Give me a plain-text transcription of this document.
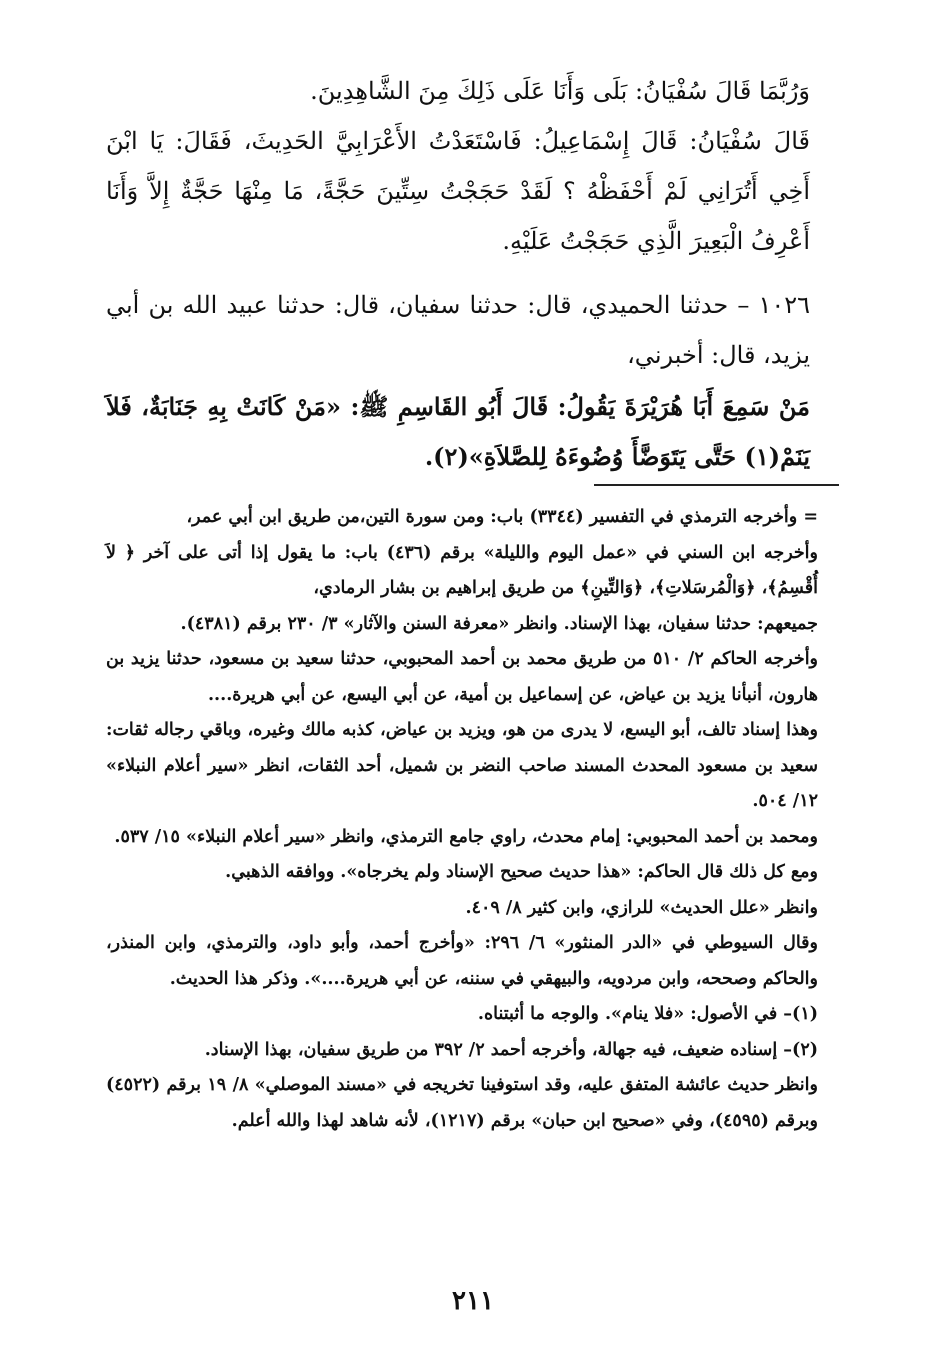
وَرُبَّمَا قَالَ سُفْيَانُ: بَلَى وَأَنَا عَلَى ذَلِكَ مِنَ الشَّاهِدِينَ.

قَالَ سُفْيَانُ: قَالَ إِسْمَاعِيلُ: فَاسْتَعَدْتُ الأَعْرَابِيَّ الحَدِيثَ، فَقَالَ: يَا ابْنَ أَخِي أَتُرَانِي لَمْ أَحْفَظْهُ ؟ لَقَدْ حَجَجْتُ سِتِّينَ حَجَّةً، مَا مِنْهَا حَجَّةٌ إِلاَّ وَأَنَا أَعْرِفُ الْبَعِيرَ الَّذِي حَجَجْتُ عَلَيْهِ.

١٠٢٦ – حدثنا الحميدي، قال: حدثنا سفيان، قال: حدثنا عبيد الله بن أبي يزيد، قال: أخبرني،

مَنْ سَمِعَ أَبَا هُرَيْرَةَ يَقُولُ: قَالَ أَبُو القَاسِمِ ﷺ: «مَنْ كَانَتْ بِهِ جَنَابَةٌ، فَلاَ يَنَمْ(١) حَتَّى يَتَوَضَّأَ وُضُوءَهُ لِلصَّلاَةِ»(٢).

= وأخرجه الترمذي في التفسير (٣٣٤٤) باب: ومن سورة التين،من طريق ابن أبي عمر،

وأخرجه ابن السني في «عمل اليوم والليلة» برقم (٤٣٦) باب: ما يقول إذا أتى على آخر ﴿ لاَ أُقْسِمُ﴾، ﴿وَالْمُرسَلاتِ﴾، ﴿وَالتِّينِ﴾ من طريق إبراهيم بن بشار الرمادي،

جميعهم: حدثنا سفيان، بهذا الإسناد. وانظر «معرفة السنن والآثار» ٣/ ٢٣٠ برقم (٤٣٨١).

وأخرجه الحاكم ٢/ ٥١٠ من طريق محمد بن أحمد المحبوبي، حدثنا سعيد بن مسعود، حدثنا يزيد بن هارون، أنبأنا يزيد بن عياض، عن إسماعيل بن أمية، عن أبي اليسع، عن أبي هريرة....

وهذا إسناد تالف، أبو اليسع، لا يدرى من هو، ويزيد بن عياض، كذبه مالك وغيره، وباقي رجاله ثقات: سعيد بن مسعود المحدث المسند صاحب النضر بن شميل، أحد الثقات، انظر «سير أعلام النبلاء» ١٢/ ٥٠٤.

ومحمد بن أحمد المحبوبي: إمام محدث، راوي جامع الترمذي، وانظر «سير أعلام النبلاء» ١٥/ ٥٣٧.

ومع كل ذلك قال الحاكم: «هذا حديث صحيح الإسناد ولم يخرجاه». ووافقه الذهبي.

وانظر «علل الحديث» للرازي، وابن كثير ٨/ ٤٠٩.

وقال السيوطي في «الدر المنثور» ٦/ ٢٩٦: «وأخرج أحمد، وأبو داود، والترمذي، وابن المنذر، والحاكم وصححه، وابن مردويه، والبيهقي في سننه، عن أبي هريرة....». وذكر هذا الحديث.

(١)– في الأصول: «فلا ينام». والوجه ما أثبتناه.

(٢)– إسناده ضعيف، فيه جهالة، وأخرجه أحمد ٢/ ٣٩٢ من طريق سفيان، بهذا الإسناد.

وانظر حديث عائشة المتفق عليه، وقد استوفينا تخريجه في «مسند الموصلي» ٨/ ١٩ برقم (٤٥٢٢) وبرقم (٤٥٩٥)، وفي «صحيح ابن حبان» برقم (١٢١٧)، لأنه شاهد لهذا والله أعلم.

٢١١
